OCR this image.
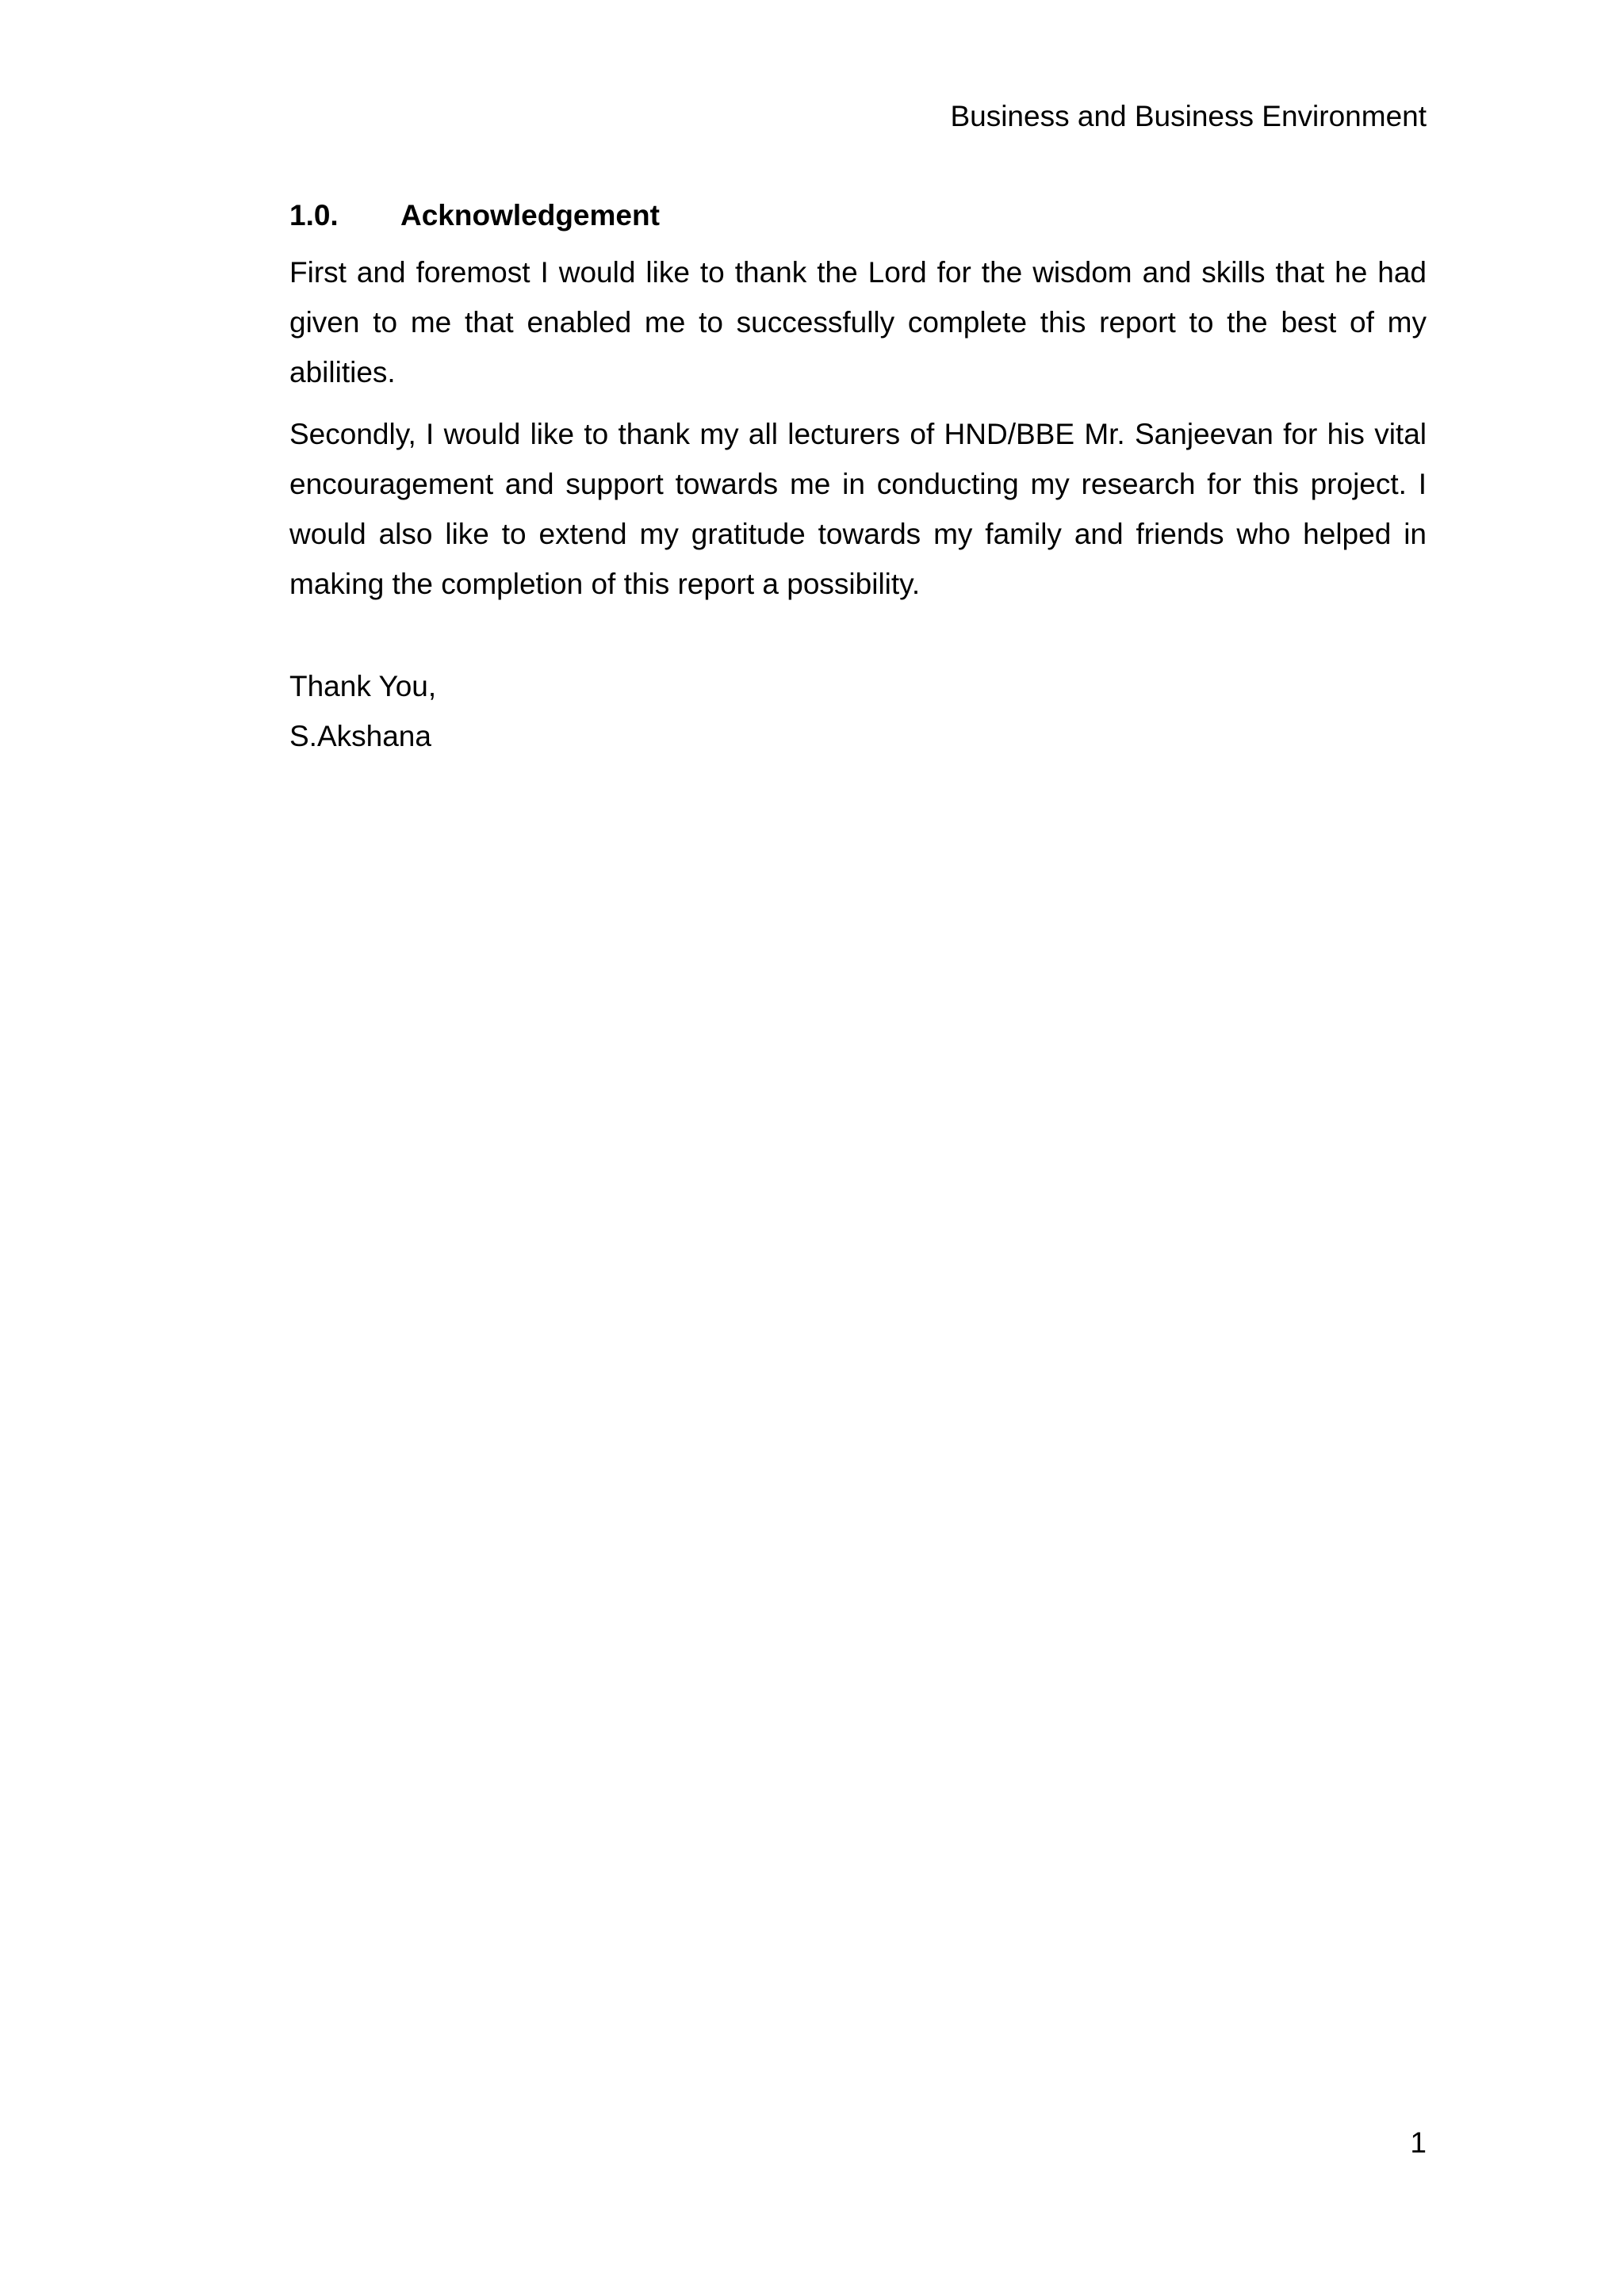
Business and Business Environment
1.0. Acknowledgement
First and foremost I would like to thank the Lord for the wisdom and skills that he had
given to me that enabled me to successfully complete this report to the best of my
abilities.
Secondly, I would like to thank my all lecturers of HND/BBE Mr. Sanjeevan for his vital
encouragement and support towards me in conducting my research for this project. I
would also like to extend my gratitude towards my family and friends who helped in
making the completion of this report a possibility.
Thank You,
S.Akshana
1
